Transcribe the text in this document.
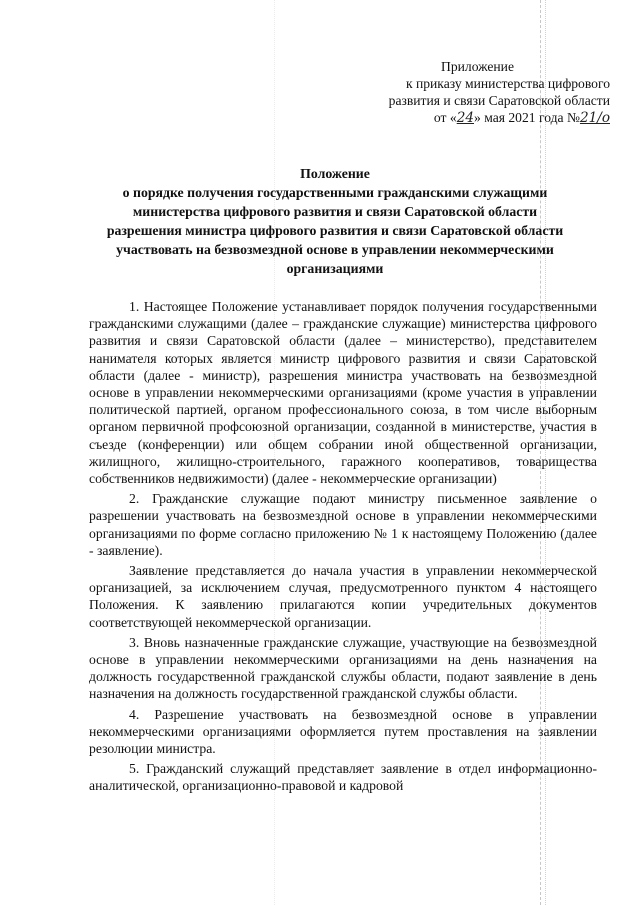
Приложение
к приказу министерства цифрового
развития и связи Саратовской области
от «24» мая 2021 года №21/о
Положение
о порядке получения государственными гражданскими служащими
министерства цифрового развития и связи Саратовской области
разрешения министра цифрового развития и связи Саратовской области
участвовать на безвозмездной основе в управлении некоммерческими
организациями

1. Настоящее Положение устанавливает порядок получения государственными гражданскими служащими (далее – гражданские служащие) министерства цифрового развития и связи Саратовской области (далее – министерство), представителем нанимателя которых является министр цифрового развития и связи Саратовской области (далее - министр), разрешения министра участвовать на безвозмездной основе в управлении некоммерческими организациями (кроме участия в управлении политической партией, органом профессионального союза, в том числе выборным органом первичной профсоюзной организации, созданной в министерстве, участия в съезде (конференции) или общем собрании иной общественной организации, жилищного, жилищно-строительного, гаражного кооперативов, товарищества собственников недвижимости) (далее - некоммерческие организации)

2. Гражданские служащие подают министру письменное заявление о разрешении участвовать на безвозмездной основе в управлении некоммерческими организациями по форме согласно приложению № 1 к настоящему Положению (далее - заявление).

Заявление представляется до начала участия в управлении некоммерческой организацией, за исключением случая, предусмотренного пунктом 4 настоящего Положения. К заявлению прилагаются копии учредительных документов соответствующей некоммерческой организации.

3. Вновь назначенные гражданские служащие, участвующие на безвозмездной основе в управлении некоммерческими организациями на день назначения на должность государственной гражданской службы области, подают заявление в день назначения на должность государственной гражданской службы области.

4. Разрешение участвовать на безвозмездной основе в управлении некоммерческими организациями оформляется путем проставления на заявлении резолюции министра.

5. Гражданский служащий представляет заявление в отдел информационно-аналитической, организационно-правовой и кадровой
